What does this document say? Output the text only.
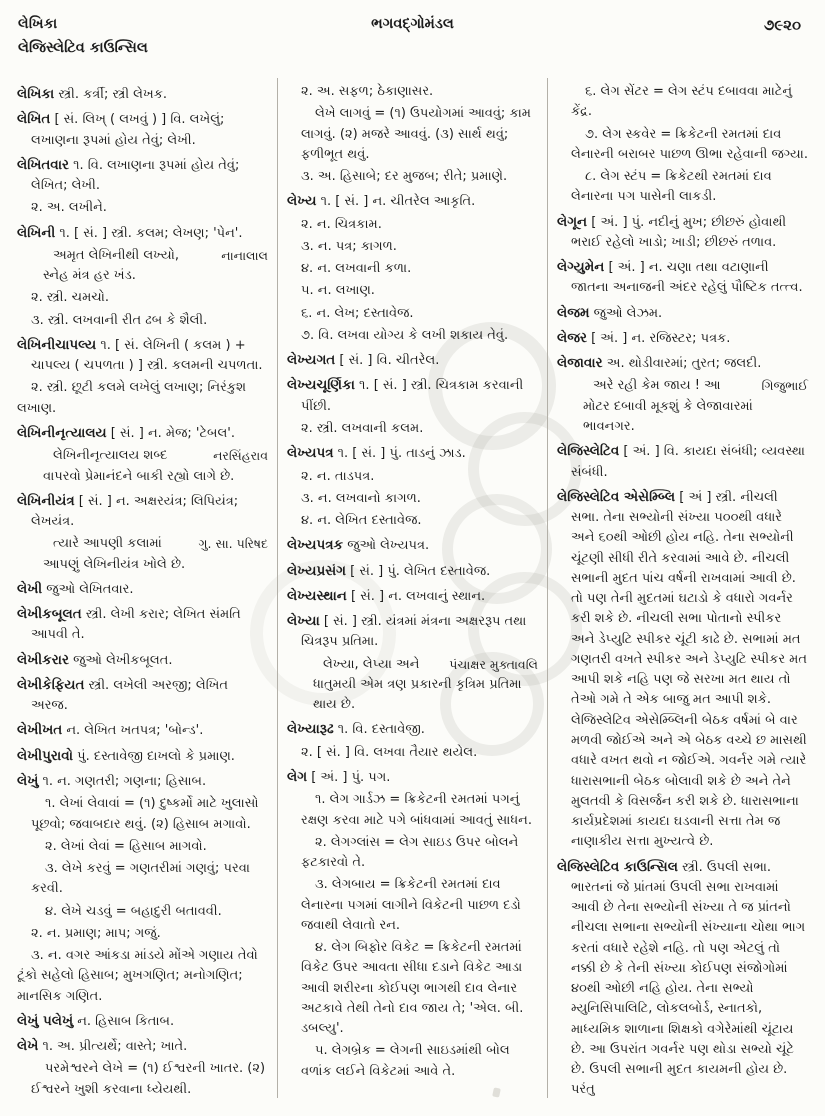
લેખિકા	ભગવદ્ગોમંડલ	૭૯૨૦
લેજિસ્લેટિવ કાઉન્સિલ
લેખિકા સ્ત્રી. કર્ત્રી; સ્ત્રી લેખક.
લેખિત [ સં. લિખ્ ( લખવું ) ] વિ. લખેલું; લખાણના રૂપમાં હોય તેવું; લેખી.
લેખિતવાર ૧. વિ. લખાણના રૂપમાં હોય તેવું; લેખિત; લેખી.
૨. અ. લખીને.
લેખિની ૧. [ સં. ] સ્ત્રી. કલમ; લેખણ; 'પેન'.
નાનાલાલ
અમૃત લેખિનીથી લખ્યો, સ્નેહ મંત્ર હર ખંડ.
૨. સ્ત્રી. ચમચો.
૩. સ્ત્રી. લખવાની રીત ઢબ કે શૈલી.
લેખિનીચાપલ્ય ૧. [ સં. લેખિની ( કલમ ) + ચાપલ્ય ( ચપળતા ) ] સ્ત્રી. કલમની ચપળતા.
૨. સ્ત્રી. છૂટી કલમે લખેલું લખાણ; નિરંકુશ લખાણ.
લેખિનીનૃત્યાલય [ સં. ] ન. મેજ; 'ટેબલ'.
નરસિંહરાવ
લેખિનીનૃત્યાલય શબ્દ વાપરવો પ્રેમાનંદને બાકી રહ્યો લાગે છે.
લેખિનીયંત્ર [ સં. ] ન. અક્ષરયંત્ર; લિપિયંત્ર; લેખયંત્ર.
ગુ. સા. પરિષદ
ત્યારે આપણી કલામાં આપણું લેખિનીયંત્ર ખોલે છે.
લેખી જુઓ લેખિતવાર.
લેખીકબૂલત સ્ત્રી. લેખી કરાર; લેખિત સંમતિ આપવી તે.
લેખીકરાર જુઓ લેખીકબૂલત.
લેખીકેફિયત સ્ત્રી. લખેલી અરજી; લેખિત અરજ.
લેખીખત ન. લેખિત ખતપત્ર; 'બોન્ડ'.
લેખીપુરાવો પું. દસ્તાવેજી દાખલો કે પ્રમાણ.
લેખું ૧. ન. ગણતરી; ગણના; હિસાબ.
૧. લેખાં લેવાવાં = (૧) દુષ્કર્મો માટે ખુલાસો પૂછવો; જવાબદાર થવું. (૨) હિસાબ મગાવો.
૨. લેખાં લેવાં = હિસાબ માગવો.
૩. લેખે કરવું = ગણતરીમાં ગણવું; પરવા કરવી.
૪. લેખે ચડવું = બહાદુરી બતાવવી.
૨. ન. પ્રમાણ; માપ; ગજું.
૩. ન. વગર આંકડા માંડયે મોંએ ગણાય તેવો ટૂંકો સહેલો હિસાબ; મુખગણિત; મનોગણિત; માનસિક ગણિત.
લેખું પલેખું ન. હિસાબ કિતાબ.
લેખે ૧. અ. પ્રીત્યર્થે; વાસ્તે; ખાતે.
પરમેશ્વરને લેખે = (૧) ઈશ્વરની ખાતર. (૨) ઈશ્વરને ખુશી કરવાના ધ્યેયથી.
૨. અ. સફળ; ઠેકાણાસર.
લેખે લાગવું = (૧) ઉપયોગમાં આવવું; કામ લાગવું. (૨) મજરે આવવું. (૩) સાર્થ થવું; ફળીભૂત થવું.
૩. અ. હિસાબે; દર મુજબ; રીતે; પ્રમાણે.
લેખ્ય ૧. [ સં. ] ન. ચીતરેલ આકૃતિ.
૨. ન. ચિત્રકામ.
૩. ન. પત્ર; કાગળ.
૪. ન. લખવાની કળા.
૫. ન. લખાણ.
૬. ન. લેખ; દસ્તાવેજ.
૭. વિ. લખવા યોગ્ય કે લખી શકાય તેવું.
લેખ્યગત [ સં. ] વિ. ચીતરેલ.
લેખ્યચૂર્ણિકા ૧. [ સં. ] સ્ત્રી. ચિત્રકામ કરવાની પીંછી.
૨. સ્ત્રી. લખવાની કલમ.
લેખ્યપત્ર ૧. [ સં. ] પું. તાડનું ઝાડ.
૨. ન. તાડપત્ર.
૩. ન. લખવાનો કાગળ.
૪. ન. લેખિત દસ્તાવેજ.
લેખ્યપત્રક જુઓ લેખ્યપત્ર.
લેખ્યપ્રસંગ [ સં. ] પું. લેખિત દસ્તાવેજ.
લેખ્યસ્થાન [ સં. ] ન. લખવાનું સ્થાન.
લેખ્યા [ સં. ] સ્ત્રી. યંત્રમાં મંત્રના અક્ષરરૂપ તથા ચિત્રરૂપ પ્રતિમા.
પંચાક્ષર મુક્તાવલિ
લેખ્યા, લેપ્યા અને ધાતુમયી એમ ત્રણ પ્રકારની કૃત્રિમ પ્રતિમા થાય છે.
લેખ્યારૂઢ ૧. વિ. દસ્તાવેજી.
૨. [ સં. ] વિ. લખવા તૈયાર થયેલ.
લેગ [ અં. ] પું. પગ.
૧. લેગ ગાર્ડઝ = ક્રિકેટની રમતમાં પગનું રક્ષણ કરવા માટે પગે બાંધવામાં આવતું સાધન.
૨. લેગગ્લાંસ = લેગ સાઇડ ઉપર બોલને ફટકારવો તે.
૩. લેગબાય = ક્રિકેટની રમતમાં દાવ લેનારના પગમાં લાગીને વિકેટની પાછળ દડો જવાથી લેવાતો રન.
૪. લેગ બિફોર વિકેટ = ક્રિકેટની રમતમાં વિકેટ ઉપર આવતા સીધા દડાને વિકેટ આડા આવી શરીરના કોઈપણ ભાગથી દાવ લેનાર અટકાવે તેથી તેનો દાવ જાય તે; 'એલ. બી. ડબલ્યુ'.
૫. લેગબ્રેક = લેગની સાઇડમાંથી બોલ વળાંક લઈને વિકેટમાં આવે તે.
૬. લેગ સેંટર = લેગ સ્ટંપ દબાવવા માટેનું કેંદ્ર.
૭. લેગ સ્કવેર = ક્રિકેટની રમતમાં દાવ લેનારની બરાબર પાછળ ઊભા રહેવાની જગ્યા.
૮. લેગ સ્ટંપ = ક્રિકેટથી રમતમાં દાવ લેનારના પગ પાસેની લાકડી.
લેગૂન [ અં. ] પું. નદીનું મુખ; છીછરું હોવાથી ભરાઈ રહેલો ખાડો; ખાડી; છીછરું તળાવ.
લેગ્યુમેન [ અં. ] ન. ચણા તથા વટાણાની જાતના અનાજની અંદર રહેલું પૌષ્ટિક તત્ત્વ.
લેજમ જુઓ લેઝમ.
લેજર [ અં. ] ન. રજિસ્ટર; પત્રક.
લેજાવાર અ. થોડીવારમાં; તુરત; જલદી.
ગિજુભાઈ
અરે રહી કેમ જાય ! આ મોટર દબાવી મૂકશું કે લેજાવારમાં ભાવનગર.
લેજિસ્લેટિવ [ અં. ] વિ. કાયદા સંબંધી; વ્યવસ્થા સંબંધી.
લેજિસ્લેટિવ એસેમ્બ્લિ [ અં ] સ્ત્રી. નીચલી સભા. તેના સભ્યોની સંખ્યા ૫૦૦થી વધારે અને ૬૦થી ઓછી હોય નહિ. તેના સભ્યોની ચૂંટણી સીધી રીતે કરવામાં આવે છે. નીચલી સભાની મુદત પાંચ વર્ષની રાખવામાં આવી છે. તો પણ તેની મુદતમાં ઘટાડો કે વધારો ગવર્નર કરી શકે છે. નીચલી સભા પોતાનો સ્પીકર અને ડેપ્યુટિ સ્પીકર ચૂંટી કાઢે છે. સભામાં મત ગણતરી વખતે સ્પીકર અને ડેપ્યુટિ સ્પીકર મત આપી શકે નહિ પણ જે સરખા મત થાય તો તેઓ ગમે તે એક બાજુ મત આપી શકે. લેજિસ્લેટિવ એસેમ્બ્લિની બેઠક વર્ષમાં બે વાર મળવી જોઈએ અને એ બેઠક વચ્ચે છ માસથી વધારે વખત થવો ન જોઈએ. ગવર્નર ગમે ત્યારે ધારાસભાની બેઠક બોલાવી શકે છે અને તેને મુલતવી કે વિસર્જન કરી શકે છે. ધારાસભાના કાર્યપ્રદેશમાં કાયદા ઘડવાની સત્તા તેમ જ નાણાકીય સત્તા મુખ્યત્વે છે.
લેજિસ્લેટિવ કાઉન્સિલ સ્ત્રી. ઉપલી સભા. ભારતનાં જે પ્રાંતમાં ઉપલી સભા રાખવામાં આવી છે તેના સભ્યોની સંખ્યા તે જ પ્રાંતનો નીચલા સભાના સભ્યોની સંખ્યાના ચોથા ભાગ કરતાં વધારે રહેશે નહિ. તો પણ એટલું તો નક્કી છે કે તેની સંખ્યા કોઈપણ સંજોગોમાં ૪૦થી ઓછી નહિ હોય. તેના સભ્યો મ્યુનિસિપાલિટિ, લોકલબોર્ડ, સ્નાતકો, માધ્યમિક શાળાના શિક્ષકો વગેરેમાંથી ચૂંટાય છે. આ ઉપરાંત ગવર્નર પણ થોડા સભ્યો ચૂંટે છે. ઉપલી સભાની મુદત કાયમની હોય છે. પરંતુ
